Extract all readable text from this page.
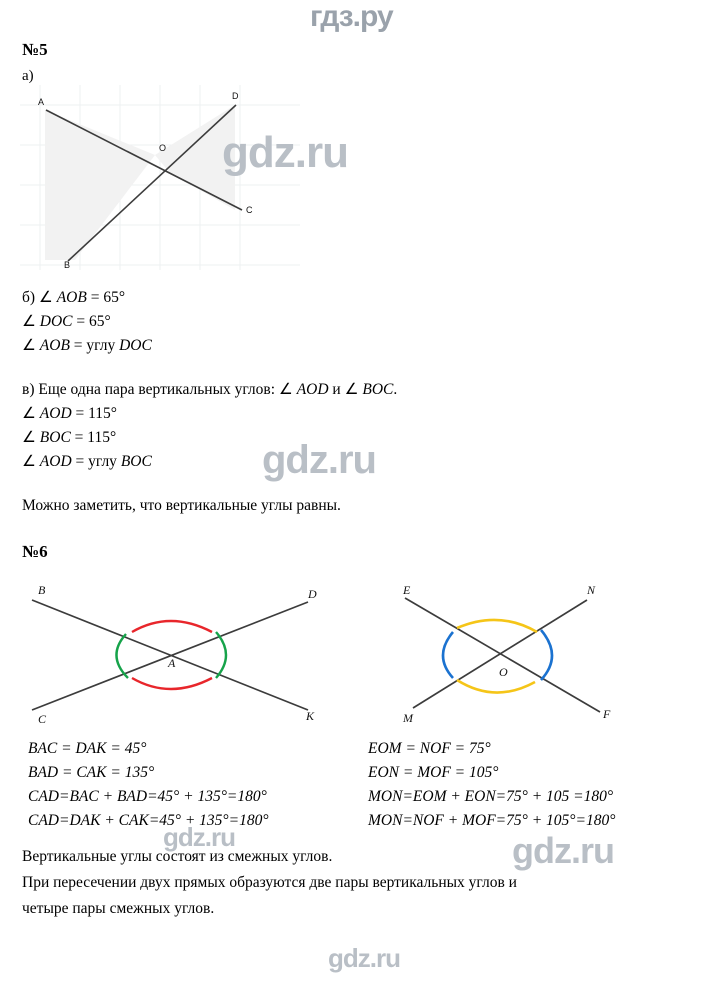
гдз.ру
№5
а)
A
B
C
D
O gdz.ru
б) ∠ AOB = 65°
∠ DOC = 65°
∠ AOB = углу DOC
в) Еще одна пара вертикальных углов: ∠ AOD и ∠ BOC.
∠ AOD = 115°
∠ BOC = 115°
∠ AOD = углу BOC	gdz.ru
Можно заметить, что вертикальные углы равны.
№6
B
C
D
K
A
E
M
N
F
O
BAC = DAK = 45°
BAD = CAK = 135°
CAD=BAC + BAD=45° + 135°=180°
CAD=DAK + CAK=45° + 135°=180°
EOM = NOF = 75°
EON = MOF = 105°
MON=EOM + EON=75° + 105 =180°
MON=NOF + MOF=75° + 105°=180°
gdz.ru	gdz.ru
Вертикальные углы состоят из смежных углов.
При пересечении двух прямых образуются две пары вертикальных углов и
четыре пары смежных углов.
gdz.ru
